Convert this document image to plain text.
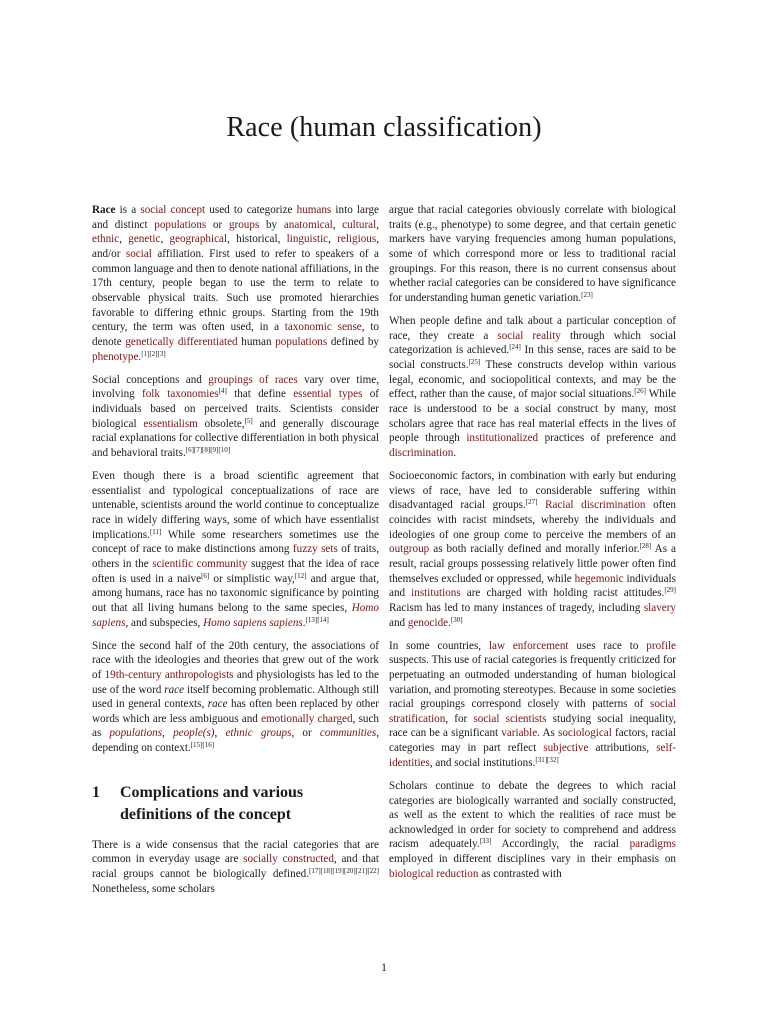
Race (human classification)

Race is a social concept used to categorize humans into large and distinct populations or groups by anatomical, cultural, ethnic, genetic, geographical, historical, linguistic, religious, and/or social affiliation. First used to refer to speakers of a common language and then to denote national affiliations, in the 17th century, people began to use the term to relate to observable physical traits. Such use promoted hierarchies favorable to differing ethnic groups. Starting from the 19th century, the term was often used, in a taxonomic sense, to denote genetically differentiated human populations defined by phenotype.[1][2][3]

Social conceptions and groupings of races vary over time, involving folk taxonomies[4] that define essential types of individuals based on perceived traits. Scientists consider biological essentialism obsolete,[5] and generally discourage racial explanations for collective differentiation in both physical and behavioral traits.[6][7][8][9][10]

Even though there is a broad scientific agreement that essentialist and typological conceptualizations of race are untenable, scientists around the world continue to conceptualize race in widely differing ways, some of which have essentialist implications.[11] While some researchers sometimes use the concept of race to make distinctions among fuzzy sets of traits, others in the scientific community suggest that the idea of race often is used in a naive[6] or simplistic way,[12] and argue that, among humans, race has no taxonomic significance by pointing out that all living humans belong to the same species, Homo sapiens, and subspecies, Homo sapiens sapiens.[13][14]

Since the second half of the 20th century, the associations of race with the ideologies and theories that grew out of the work of 19th-century anthropologists and physiologists has led to the use of the word race itself becoming problematic. Although still used in general contexts, race has often been replaced by other words which are less ambiguous and emotionally charged, such as populations, people(s), ethnic groups, or communities, depending on context.[15][16]

1	Complications and various definitions of the concept

There is a wide consensus that the racial categories that are common in everyday usage are socially constructed, and that racial groups cannot be biologically defined.[17][18][19][20][21][22] Nonetheless, some scholars

argue that racial categories obviously correlate with biological traits (e.g., phenotype) to some degree, and that certain genetic markers have varying frequencies among human populations, some of which correspond more or less to traditional racial groupings. For this reason, there is no current consensus about whether racial categories can be considered to have significance for understanding human genetic variation.[23]

When people define and talk about a particular conception of race, they create a social reality through which social categorization is achieved.[24] In this sense, races are said to be social constructs.[25] These constructs develop within various legal, economic, and sociopolitical contexts, and may be the effect, rather than the cause, of major social situations.[26] While race is understood to be a social construct by many, most scholars agree that race has real material effects in the lives of people through institutionalized practices of preference and discrimination.

Socioeconomic factors, in combination with early but enduring views of race, have led to considerable suffering within disadvantaged racial groups.[27] Racial discrimination often coincides with racist mindsets, whereby the individuals and ideologies of one group come to perceive the members of an outgroup as both racially defined and morally inferior.[28] As a result, racial groups possessing relatively little power often find themselves excluded or oppressed, while hegemonic individuals and institutions are charged with holding racist attitudes.[29] Racism has led to many instances of tragedy, including slavery and genocide.[30]

In some countries, law enforcement uses race to profile suspects. This use of racial categories is frequently criticized for perpetuating an outmoded understanding of human biological variation, and promoting stereotypes. Because in some societies racial groupings correspond closely with patterns of social stratification, for social scientists studying social inequality, race can be a significant variable. As sociological factors, racial categories may in part reflect subjective attributions, self-identities, and social institutions.[31][32]

Scholars continue to debate the degrees to which racial categories are biologically warranted and socially constructed, as well as the extent to which the realities of race must be acknowledged in order for society to comprehend and address racism adequately.[33] Accordingly, the racial paradigms employed in different disciplines vary in their emphasis on biological reduction as contrasted with

1
